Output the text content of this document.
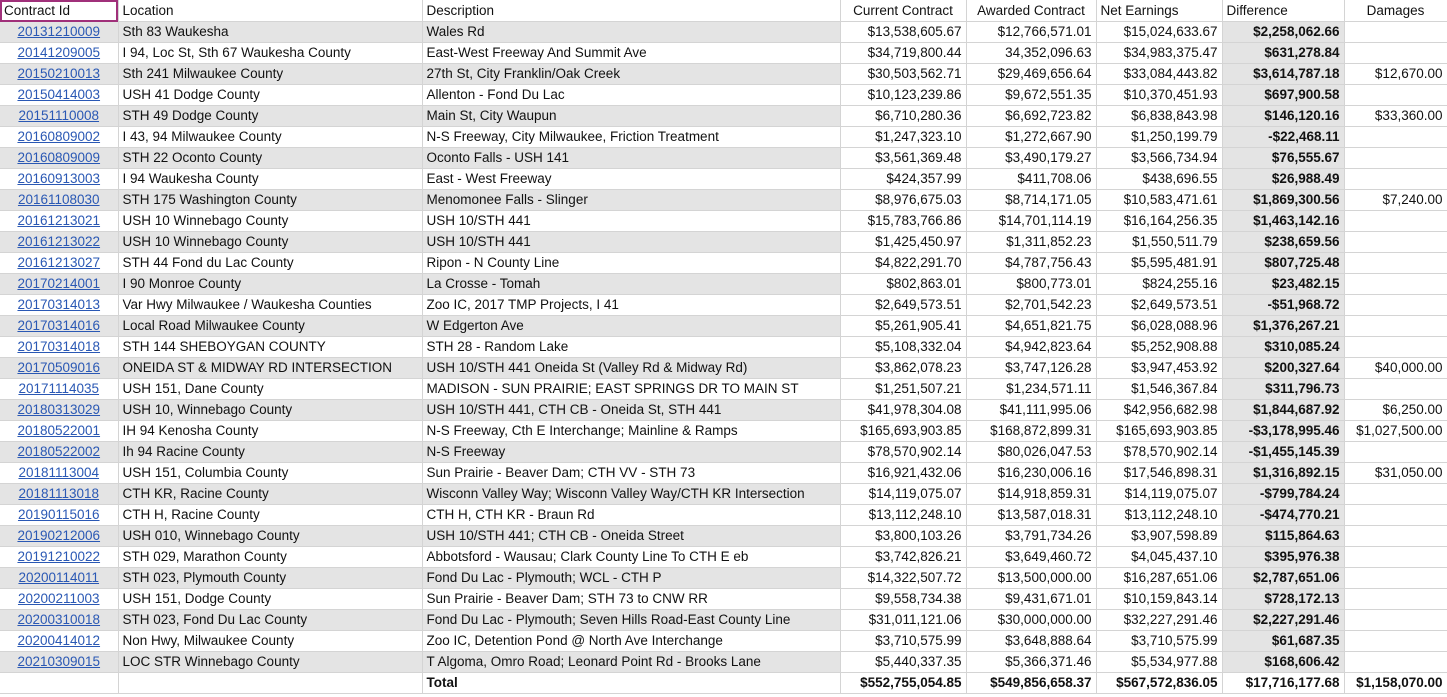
Contract Id	Location	Description	Current Contract	Awarded Contract	Net Earnings	Difference	Damages
20131210009	Sth 83 Waukesha	Wales Rd	$13,538,605.67	$12,766,571.01	$15,024,633.67	$2,258,062.66	
20141209005	I 94, Loc St, Sth 67 Waukesha County	East-West Freeway And Summit Ave	$34,719,800.44	34,352,096.63	$34,983,375.47	$631,278.84	
20150210013	Sth 241 Milwaukee County	27th St, City Franklin/Oak Creek	$30,503,562.71	$29,469,656.64	$33,084,443.82	$3,614,787.18	$12,670.00
20150414003	USH 41 Dodge County	Allenton - Fond Du Lac	$10,123,239.86	$9,672,551.35	$10,370,451.93	$697,900.58	
20151110008	STH 49 Dodge County	Main St, City Waupun	$6,710,280.36	$6,692,723.82	$6,838,843.98	$146,120.16	$33,360.00
20160809002	I 43, 94 Milwaukee County	N-S Freeway, City Milwaukee, Friction Treatment	$1,247,323.10	$1,272,667.90	$1,250,199.79	-$22,468.11	
20160809009	STH 22 Oconto County	Oconto Falls - USH 141	$3,561,369.48	$3,490,179.27	$3,566,734.94	$76,555.67	
20160913003	I 94 Waukesha County	East - West Freeway	$424,357.99	$411,708.06	$438,696.55	$26,988.49	
20161108030	STH 175 Washington County	Menomonee Falls - Slinger	$8,976,675.03	$8,714,171.05	$10,583,471.61	$1,869,300.56	$7,240.00
20161213021	USH 10 Winnebago County	USH 10/STH 441	$15,783,766.86	$14,701,114.19	$16,164,256.35	$1,463,142.16	
20161213022	USH 10 Winnebago County	USH 10/STH 441	$1,425,450.97	$1,311,852.23	$1,550,511.79	$238,659.56	
20161213027	STH 44 Fond du Lac County	Ripon - N County Line	$4,822,291.70	$4,787,756.43	$5,595,481.91	$807,725.48	
20170214001	I 90 Monroe County	La Crosse - Tomah	$802,863.01	$800,773.01	$824,255.16	$23,482.15	
20170314013	Var Hwy Milwaukee / Waukesha Counties	Zoo IC, 2017 TMP Projects, I 41	$2,649,573.51	$2,701,542.23	$2,649,573.51	-$51,968.72	
20170314016	Local Road Milwaukee County	W Edgerton Ave	$5,261,905.41	$4,651,821.75	$6,028,088.96	$1,376,267.21	
20170314018	STH 144 SHEBOYGAN COUNTY	STH 28 - Random Lake	$5,108,332.04	$4,942,823.64	$5,252,908.88	$310,085.24	
20170509016	ONEIDA ST & MIDWAY RD INTERSECTION	USH 10/STH 441 Oneida St (Valley Rd & Midway Rd)	$3,862,078.23	$3,747,126.28	$3,947,453.92	$200,327.64	$40,000.00
20171114035	USH 151, Dane County	MADISON - SUN PRAIRIE; EAST SPRINGS DR TO MAIN ST	$1,251,507.21	$1,234,571.11	$1,546,367.84	$311,796.73	
20180313029	USH 10, Winnebago County	USH 10/STH 441, CTH CB - Oneida St, STH 441	$41,978,304.08	$41,111,995.06	$42,956,682.98	$1,844,687.92	$6,250.00
20180522001	IH 94 Kenosha County	N-S Freeway, Cth E Interchange; Mainline & Ramps	$165,693,903.85	$168,872,899.31	$165,693,903.85	-$3,178,995.46	$1,027,500.00
20180522002	Ih 94 Racine County	N-S Freeway	$78,570,902.14	$80,026,047.53	$78,570,902.14	-$1,455,145.39	
20181113004	USH 151, Columbia County	Sun Prairie - Beaver Dam; CTH VV - STH 73	$16,921,432.06	$16,230,006.16	$17,546,898.31	$1,316,892.15	$31,050.00
20181113018	CTH KR, Racine County	Wisconn Valley Way; Wisconn Valley Way/CTH KR Intersection	$14,119,075.07	$14,918,859.31	$14,119,075.07	-$799,784.24	
20190115016	CTH H, Racine County	CTH H, CTH KR - Braun Rd	$13,112,248.10	$13,587,018.31	$13,112,248.10	-$474,770.21	
20190212006	USH 010, Winnebago County	USH 10/STH 441; CTH CB - Oneida Street	$3,800,103.26	$3,791,734.26	$3,907,598.89	$115,864.63	
20191210022	STH 029, Marathon County	Abbotsford - Wausau; Clark County Line To CTH E eb	$3,742,826.21	$3,649,460.72	$4,045,437.10	$395,976.38	
20200114011	STH 023, Plymouth County	Fond Du Lac - Plymouth; WCL - CTH P	$14,322,507.72	$13,500,000.00	$16,287,651.06	$2,787,651.06	
20200211003	USH 151, Dodge County	Sun Prairie - Beaver Dam; STH 73 to CNW RR	$9,558,734.38	$9,431,671.01	$10,159,843.14	$728,172.13	
20200310018	STH 023, Fond Du Lac County	Fond Du Lac - Plymouth; Seven Hills Road-East County Line	$31,011,121.06	$30,000,000.00	$32,227,291.46	$2,227,291.46	
20200414012	Non Hwy, Milwaukee County	Zoo IC, Detention Pond @ North Ave Interchange	$3,710,575.99	$3,648,888.64	$3,710,575.99	$61,687.35	
20210309015	LOC STR Winnebago County	T Algoma, Omro Road; Leonard Point Rd - Brooks Lane	$5,440,337.35	$5,366,371.46	$5,534,977.88	$168,606.42	
		Total	$552,755,054.85	$549,856,658.37	$567,572,836.05	$17,716,177.68	$1,158,070.00
